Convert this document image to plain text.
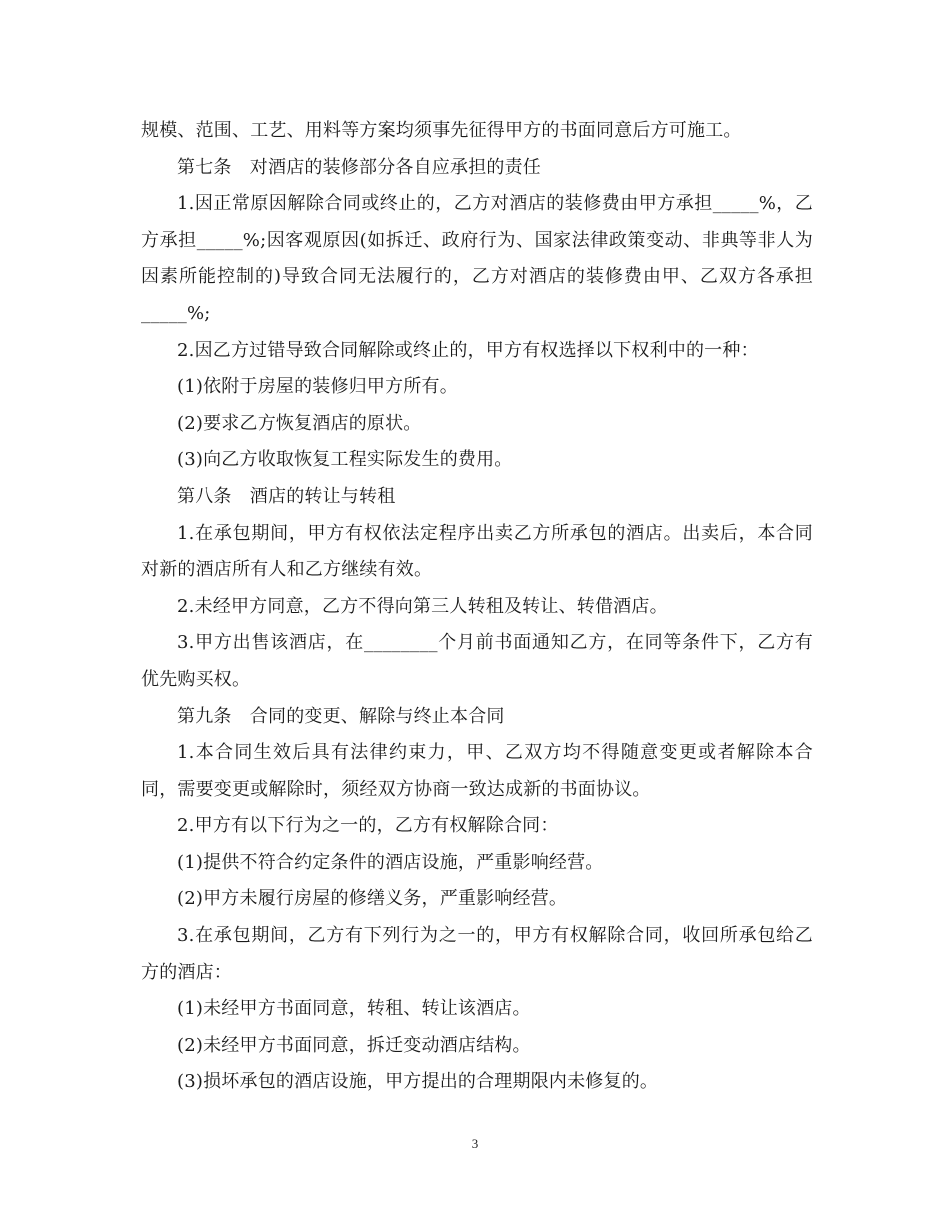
规模、范围、工艺、用料等方案均须事先征得甲方的书面同意后方可施工。

第七条　对酒店的装修部分各自应承担的责任

1.因正常原因解除合同或终止的，乙方对酒店的装修费由甲方承担_____%，乙方承担_____%;因客观原因(如拆迁、政府行为、国家法律政策变动、非典等非人为因素所能控制的)导致合同无法履行的，乙方对酒店的装修费由甲、乙双方各承担_____%;

2.因乙方过错导致合同解除或终止的，甲方有权选择以下权利中的一种：

(1)依附于房屋的装修归甲方所有。

(2)要求乙方恢复酒店的原状。

(3)向乙方收取恢复工程实际发生的费用。

第八条　酒店的转让与转租

1.在承包期间，甲方有权依法定程序出卖乙方所承包的酒店。出卖后，本合同对新的酒店所有人和乙方继续有效。

2.未经甲方同意，乙方不得向第三人转租及转让、转借酒店。

3.甲方出售该酒店，在________个月前书面通知乙方，在同等条件下，乙方有优先购买权。

第九条　合同的变更、解除与终止本合同

1.本合同生效后具有法律约束力，甲、乙双方均不得随意变更或者解除本合同，需要变更或解除时，须经双方协商一致达成新的书面协议。

2.甲方有以下行为之一的，乙方有权解除合同：

(1)提供不符合约定条件的酒店设施，严重影响经营。

(2)甲方未履行房屋的修缮义务，严重影响经营。

3.在承包期间，乙方有下列行为之一的，甲方有权解除合同，收回所承包给乙方的酒店：

(1)未经甲方书面同意，转租、转让该酒店。

(2)未经甲方书面同意，拆迁变动酒店结构。

(3)损坏承包的酒店设施，甲方提出的合理期限内未修复的。

3
